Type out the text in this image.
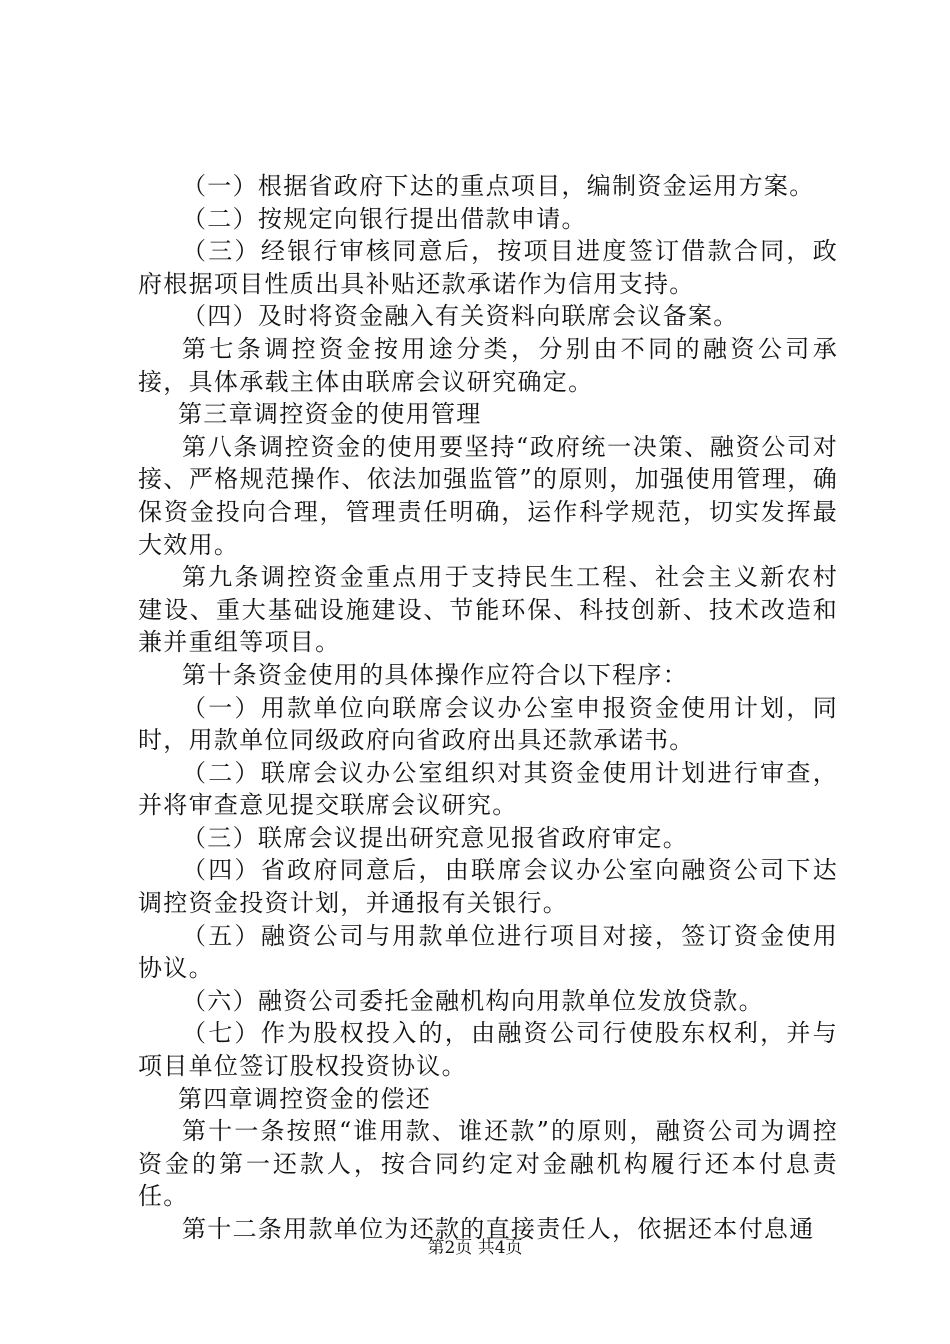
（一）根据省政府下达的重点项目，编制资金运用方案。

（二）按规定向银行提出借款申请。

（三）经银行审核同意后，按项目进度签订借款合同，政府根据项目性质出具补贴还款承诺作为信用支持。

（四）及时将资金融入有关资料向联席会议备案。

第七条调控资金按用途分类，分别由不同的融资公司承接，具体承载主体由联席会议研究确定。

第三章调控资金的使用管理

第八条调控资金的使用要坚持“政府统一决策、融资公司对接、严格规范操作、依法加强监管”的原则，加强使用管理，确保资金投向合理，管理责任明确，运作科学规范，切实发挥最大效用。

第九条调控资金重点用于支持民生工程、社会主义新农村建设、重大基础设施建设、节能环保、科技创新、技术改造和兼并重组等项目。

第十条资金使用的具体操作应符合以下程序：

（一）用款单位向联席会议办公室申报资金使用计划，同时，用款单位同级政府向省政府出具还款承诺书。

（二）联席会议办公室组织对其资金使用计划进行审查，并将审查意见提交联席会议研究。

（三）联席会议提出研究意见报省政府审定。

（四）省政府同意后，由联席会议办公室向融资公司下达调控资金投资计划，并通报有关银行。

（五）融资公司与用款单位进行项目对接，签订资金使用协议。

（六）融资公司委托金融机构向用款单位发放贷款。

（七）作为股权投入的，由融资公司行使股东权利，并与项目单位签订股权投资协议。

第四章调控资金的偿还

第十一条按照“谁用款、谁还款”的原则，融资公司为调控资金的第一还款人，按合同约定对金融机构履行还本付息责任。

第十二条用款单位为还款的直接责任人，依据还本付息通

第2页 共4页
